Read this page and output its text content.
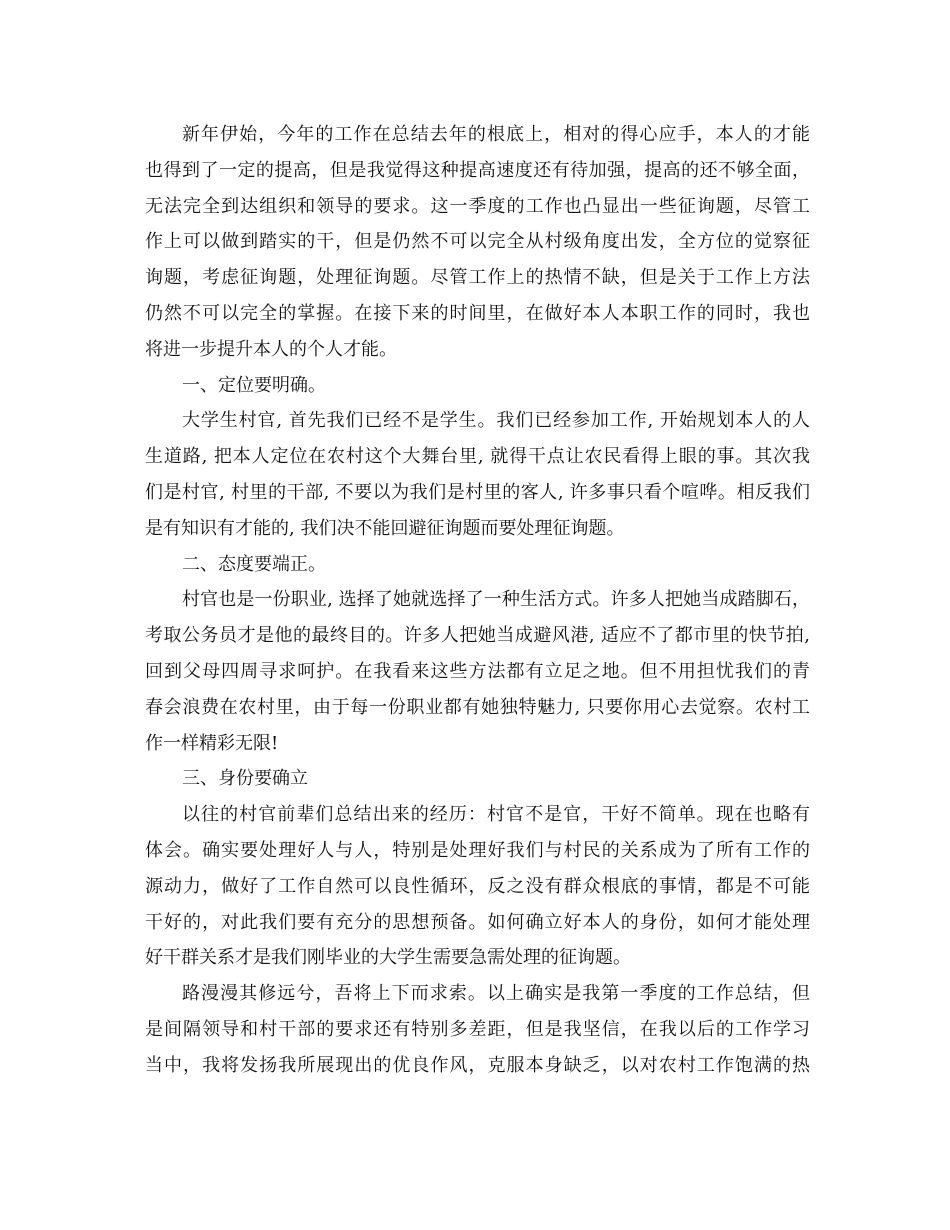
新年伊始，今年的工作在总结去年的根底上，相对的得心应手，本人的才能
也得到了一定的提高，但是我觉得这种提高速度还有待加强，提高的还不够全面，
无法完全到达组织和领导的要求。这一季度的工作也凸显出一些征询题，尽管工
作上可以做到踏实的干，但是仍然不可以完全从村级角度出发，全方位的觉察征
询题，考虑征询题，处理征询题。尽管工作上的热情不缺，但是关于工作上方法
仍然不可以完全的掌握。在接下来的时间里，在做好本人本职工作的同时，我也
将进一步提升本人的个人才能。
一、定位要明确。
大学生村官, 首先我们已经不是学生。我们已经参加工作, 开始规划本人的人
生道路, 把本人定位在农村这个大舞台里, 就得干点让农民看得上眼的事。其次我
们是村官, 村里的干部, 不要以为我们是村里的客人, 许多事只看个喧哗。相反我们
是有知识有才能的, 我们决不能回避征询题而要处理征询题。
二、态度要端正。
村官也是一份职业, 选择了她就选择了一种生活方式。许多人把她当成踏脚石，
考取公务员才是他的最终目的。许多人把她当成避风港, 适应不了都市里的快节拍,
回到父母四周寻求呵护。在我看来这些方法都有立足之地。但不用担忧我们的青
春会浪费在农村里，由于每一份职业都有她独特魅力, 只要你用心去觉察。农村工
作一样精彩无限!
三、身份要确立
以往的村官前辈们总结出来的经历：村官不是官，干好不简单。现在也略有
体会。确实要处理好人与人，特别是处理好我们与村民的关系成为了所有工作的
源动力，做好了工作自然可以良性循环，反之没有群众根底的事情，都是不可能
干好的，对此我们要有充分的思想预备。如何确立好本人的身份，如何才能处理
好干群关系才是我们刚毕业的大学生需要急需处理的征询题。
路漫漫其修远兮，吾将上下而求索。以上确实是我第一季度的工作总结，但
是间隔领导和村干部的要求还有特别多差距，但是我坚信，在我以后的工作学习
当中，我将发扬我所展现出的优良作风，克服本身缺乏，以对农村工作饱满的热
